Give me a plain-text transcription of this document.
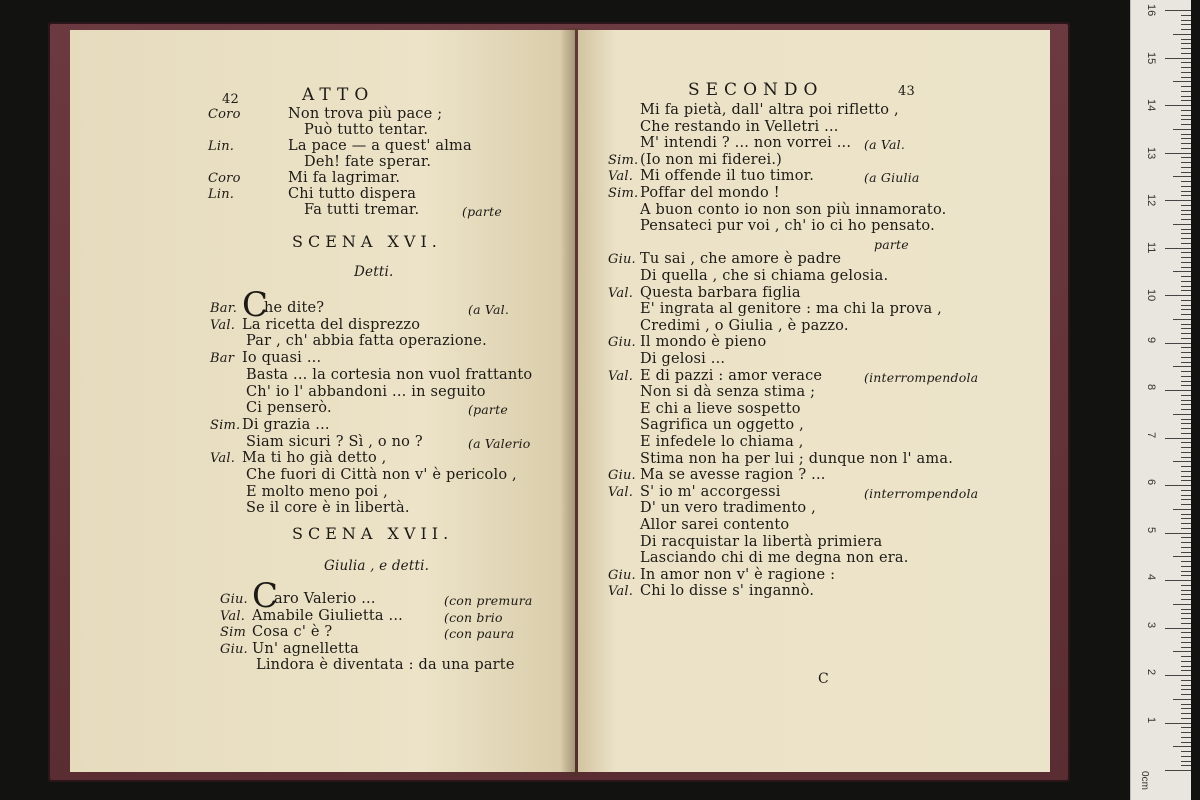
42	ATTO
Coro	Non trova più pace ;
Può tutto tentar.
Lin.	La pace — a quest' alma
Deh! fate sperar.
Coro	Mi fa lagrimar.
Lin.	Chi tutto dispera
Fa tutti tremar.	(parte
SCENA XVI.
Detti.
Bar. C
he dite?	(a Val.
Val. La ricetta del disprezzo
Par , ch' abbia fatta operazione.
Bar Io quasi ...
Basta ... la cortesia non vuol frattanto
Ch' io l' abbandoni ... in seguito
Ci penserò.	(parte
Sim. Di grazia ...
Siam sicuri ? Sì , o no ?	(a Valerio
Val. Ma ti ho già detto ,
Che fuori di Città non v' è pericolo ,
E molto meno poi ,
Se il core è in libertà.
SCENA XVII.
Giulia , e detti.
Giu. C
aro Valerio ...	(con premura
Val. Amabile Giulietta ...	(con brio
Sim Cosa c' è ?	(con paura
Giu. Un' agnelletta
Lindora è diventata : da una parte
SECONDO	43
Mi fa pietà, dall' altra poi rifletto ,
Che restando in Velletri ...
M' intendi ? ... non vorrei ... (a Val.
Sim. (Io non mi fiderei.)
Val. Mi offende il tuo timor.	(a Giulia
Sim. Poffar del mondo !
A buon conto io non son più innamorato.
Pensateci pur voi , ch' io ci ho pensato.
parte
Giu. Tu sai , che amore è padre
Di quella , che si chiama gelosia.
Val. Questa barbara figlia
E' ingrata al genitore : ma chi la prova ,
Credimi , o Giulia , è pazzo.
Giu. Il mondo è pieno
Di gelosi ...
Val. E di pazzi : amor verace	(interrompendola
Non si dà senza stima ;
E chi a lieve sospetto
Sagrifica un oggetto ,
E infedele lo chiama ,
Stima non ha per lui ; dunque non l' ama.
Giu. Ma se avesse ragion ? ...
Val. S' io m' accorgessi	(interrompendola
D' un vero tradimento ,
Allor sarei contento
Di racquistar la libertà primiera
Lasciando chi di me degna non era.
Giu. In amor non v' è ragione :
Val. Chi lo disse s' ingannò.
C
1
2
3
4
5
6
7
8
9
10
11
12
13
14
15
16
0cm
